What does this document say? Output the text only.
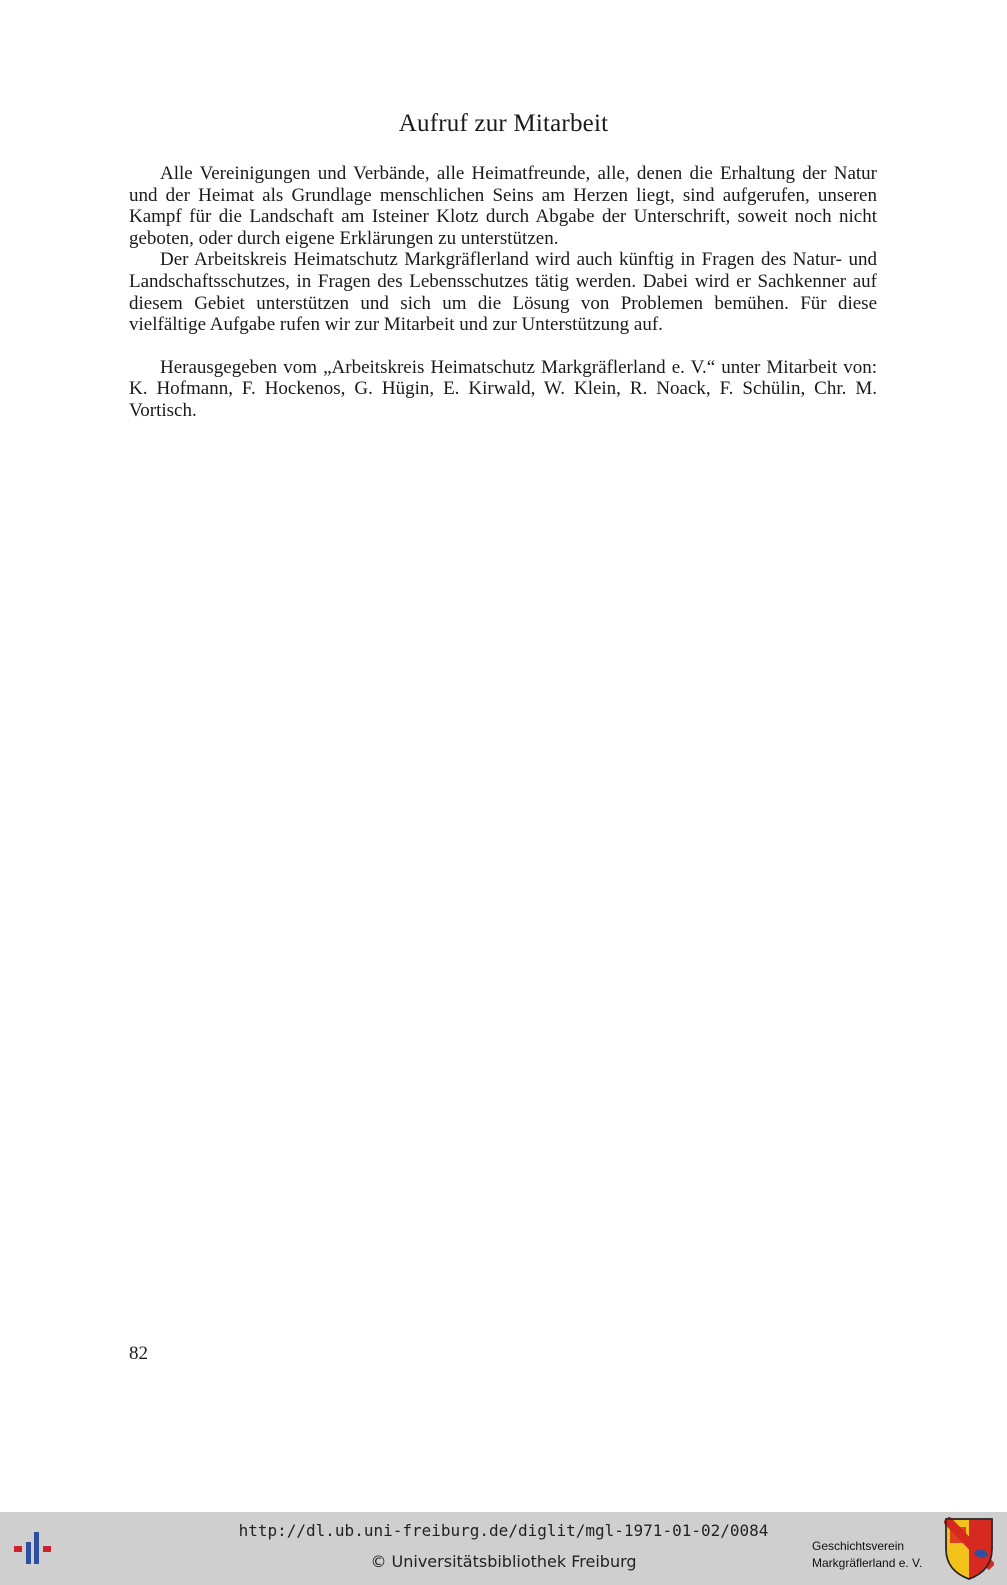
Aufruf zur Mitarbeit

Alle Vereinigungen und Verbände, alle Heimatfreunde, alle, denen die Erhaltung der Natur und der Heimat als Grundlage menschlichen Seins am Herzen liegt, sind aufgerufen, unseren Kampf für die Landschaft am Isteiner Klotz durch Abgabe der Unterschrift, soweit noch nicht geboten, oder durch eigene Erklärungen zu unterstützen.

Der Arbeitskreis Heimatschutz Markgräflerland wird auch künftig in Fragen des Natur- und Landschaftsschutzes, in Fragen des Lebensschutzes tätig werden. Dabei wird er Sachkenner auf diesem Gebiet unterstützen und sich um die Lösung von Problemen bemühen. Für diese vielfältige Aufgabe rufen wir zur Mitarbeit und zur Unterstützung auf.

Herausgegeben vom „Arbeitskreis Heimatschutz Markgräflerland e. V.“ unter Mitarbeit von: K. Hofmann, F. Hockenos, G. Hügin, E. Kirwald, W. Klein, R. Noack, F. Schülin, Chr. M. Vortisch.

82
http://dl.ub.uni-freiburg.de/diglit/mgl-1971-01-02/0084
© Universitätsbibliothek Freiburg
Geschichtsverein
Markgräflerland e. V.
